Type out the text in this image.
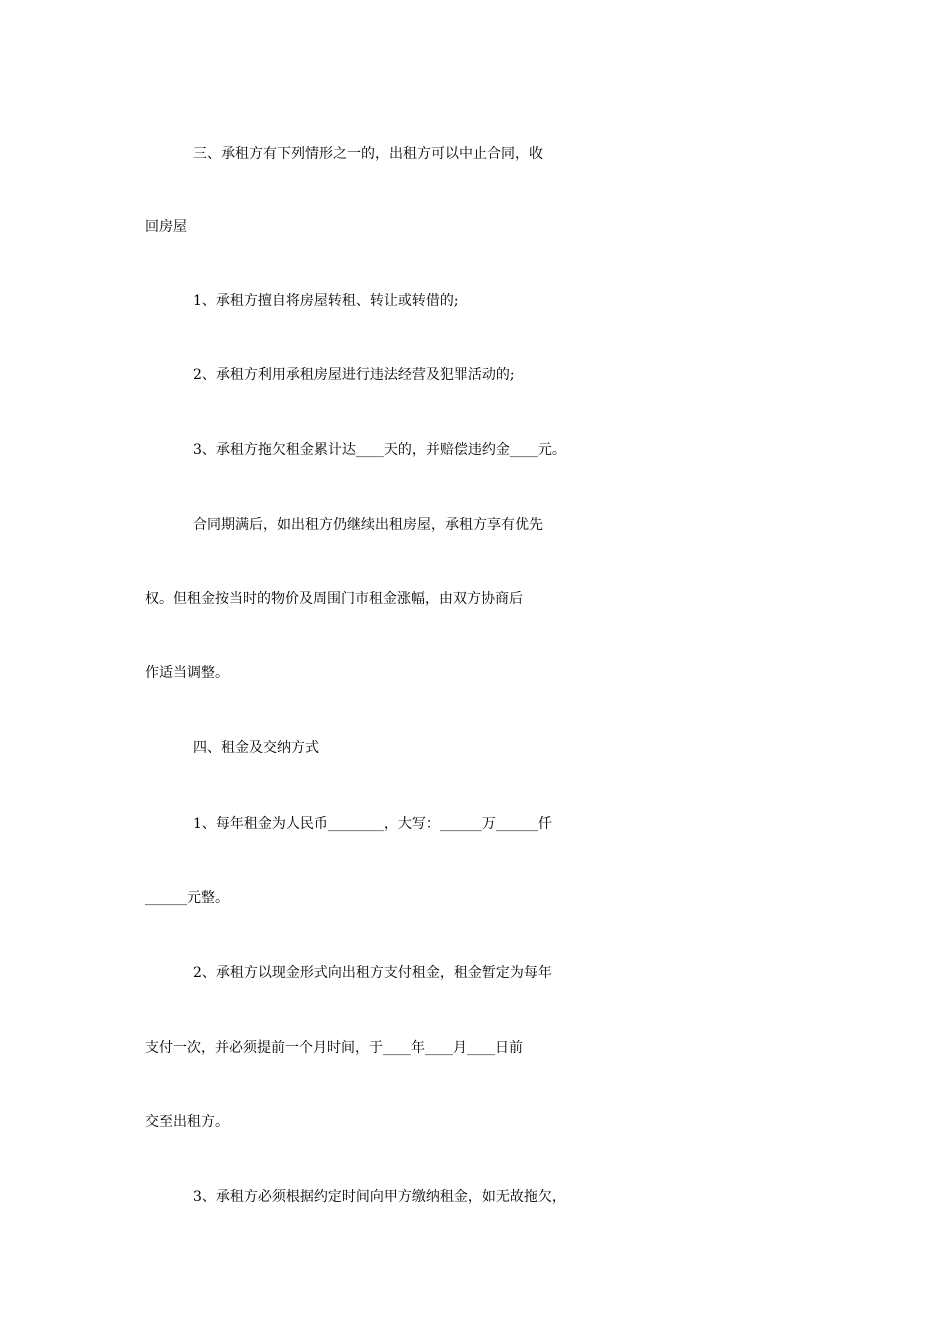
三、承租方有下列情形之一的，出租方可以中止合同，收
回房屋
1、承租方擅自将房屋转租、转让或转借的;
2、承租方利用承租房屋进行违法经营及犯罪活动的;
3、承租方拖欠租金累计达____天的，并赔偿违约金____元。
合同期满后，如出租方仍继续出租房屋，承租方享有优先
权。但租金按当时的物价及周围门市租金涨幅，由双方协商后
作适当调整。
四、租金及交纳方式
1、每年租金为人民币________，大写：______万______仟
______元整。
2、承租方以现金形式向出租方支付租金，租金暂定为每年
支付一次，并必须提前一个月时间，于____年____月____日前
交至出租方。
3、承租方必须根据约定时间向甲方缴纳租金，如无故拖欠，
